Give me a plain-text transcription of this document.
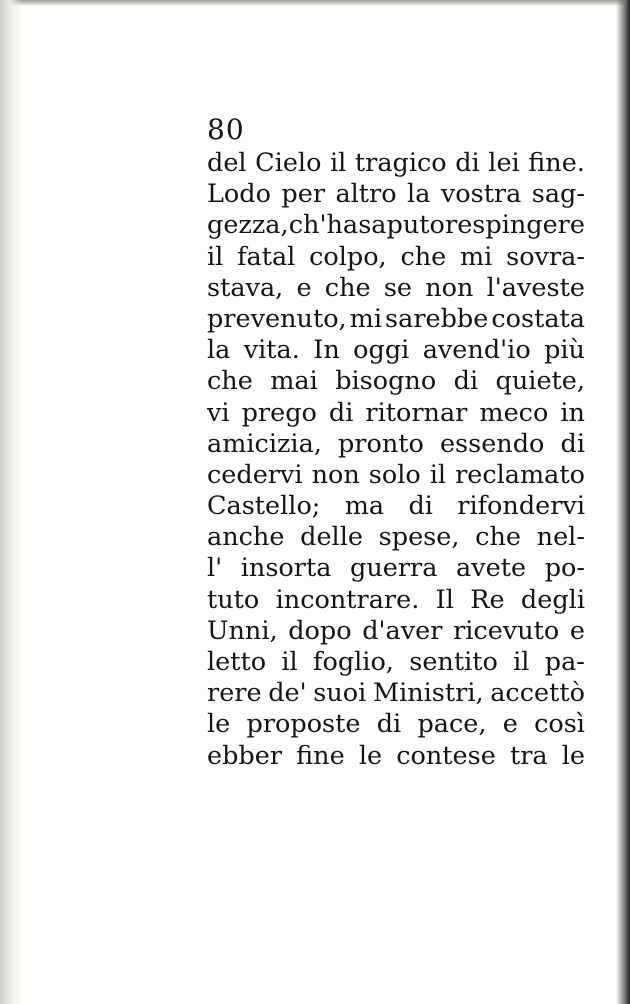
80
del Cielo il tragico di lei fine.
Lodo per altro la vostra sag-
gezza, ch'ha saputo respingere
il fatal colpo, che mi sovra-
stava, e che se non l'aveste
prevenuto, mi sarebbe costata
la vita. In oggi avend'io più
che mai bisogno di quiete,
vi prego di ritornar meco in
amicizia, pronto essendo di
cedervi non solo il reclamato
Castello; ma di rifondervi
anche delle spese, che nel-
l' insorta guerra avete po-
tuto incontrare. Il Re degli
Unni, dopo d'aver ricevuto e
letto il foglio, sentito il pa-
rere de' suoi Ministri, accettò
le proposte di pace, e così
ebber fine le contese tra le
